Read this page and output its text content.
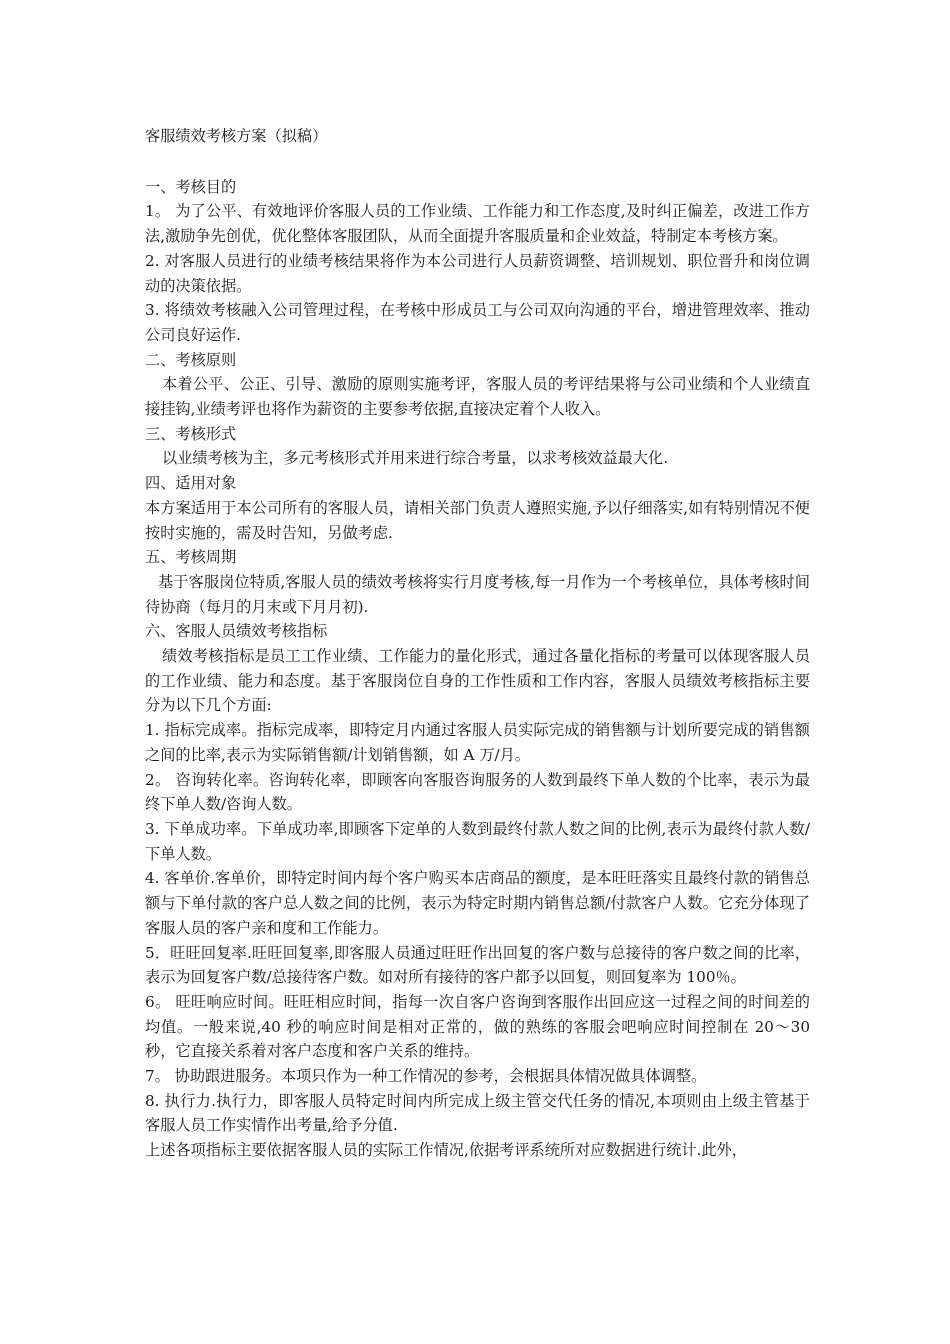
客服绩效考核方案（拟稿）
一、考核目的
1。 为了公平、有效地评价客服人员的工作业绩、工作能力和工作态度,及时纠正偏差，改进工作方法,激励争先创优，优化整体客服团队，从而全面提升客服质量和企业效益，特制定本考核方案。
2. 对客服人员进行的业绩考核结果将作为本公司进行人员薪资调整、培训规划、职位晋升和岗位调动的决策依据。
3. 将绩效考核融入公司管理过程，在考核中形成员工与公司双向沟通的平台，增进管理效率、推动公司良好运作.
二、考核原则
本着公平、公正、引导、激励的原则实施考评，客服人员的考评结果将与公司业绩和个人业绩直接挂钩,业绩考评也将作为薪资的主要参考依据,直接决定着个人收入。
三、考核形式
以业绩考核为主，多元考核形式并用来进行综合考量，以求考核效益最大化.
四、适用对象
本方案适用于本公司所有的客服人员，请相关部门负责人遵照实施,予以仔细落实,如有特别情况不便按时实施的，需及时告知，另做考虑.
五、考核周期
基于客服岗位特质,客服人员的绩效考核将实行月度考核,每一月作为一个考核单位，具体考核时间待协商（每月的月末或下月月初).
六、客服人员绩效考核指标
绩效考核指标是员工工作业绩、工作能力的量化形式，通过各量化指标的考量可以体现客服人员的工作业绩、能力和态度。基于客服岗位自身的工作性质和工作内容，客服人员绩效考核指标主要分为以下几个方面:
1. 指标完成率。指标完成率，即特定月内通过客服人员实际完成的销售额与计划所要完成的销售额之间的比率,表示为实际销售额/计划销售额，如 A 万/月。
2。 咨询转化率。咨询转化率，即顾客向客服咨询服务的人数到最终下单人数的个比率，表示为最终下单人数/咨询人数。
3. 下单成功率。下单成功率,即顾客下定单的人数到最终付款人数之间的比例,表示为最终付款人数/下单人数。
4. 客单价.客单价，即特定时间内每个客户购买本店商品的额度，是本旺旺落实且最终付款的销售总额与下单付款的客户总人数之间的比例，表示为特定时期内销售总额/付款客户人数。它充分体现了客服人员的客户亲和度和工作能力。
5．旺旺回复率.旺旺回复率,即客服人员通过旺旺作出回复的客户数与总接待的客户数之间的比率，表示为回复客户数/总接待客户数。如对所有接待的客户都予以回复，则回复率为 100％。
6。 旺旺响应时间。旺旺相应时间，指每一次自客户咨询到客服作出回应这一过程之间的时间差的均值。一般来说,40 秒的响应时间是相对正常的，做的熟练的客服会吧响应时间控制在 20～30 秒，它直接关系着对客户态度和客户关系的维持。
7。 协助跟进服务。本项只作为一种工作情况的参考，会根据具体情况做具体调整。
8. 执行力.执行力，即客服人员特定时间内所完成上级主管交代任务的情况,本项则由上级主管基于客服人员工作实情作出考量,给予分值.
上述各项指标主要依据客服人员的实际工作情况,依据考评系统所对应数据进行统计.此外，
